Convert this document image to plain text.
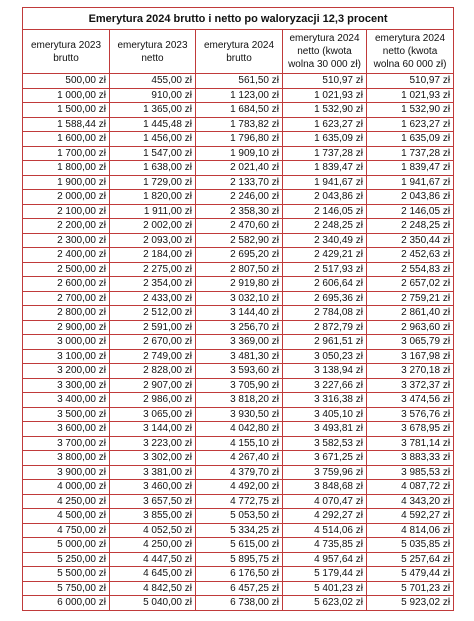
Emerytura 2024 brutto i netto po waloryzacji 12,3 procent				
emerytura 2023 brutto	emerytura 2023 netto	emerytura 2024 brutto	emerytura 2024 netto (kwota wolna 30 000 zł)	emerytura 2024 netto (kwota wolna 60 000 zł)
500,00 zł	455,00 zł	561,50 zł	510,97 zł	510,97 zł
1 000,00 zł	910,00 zł	1 123,00 zł	1 021,93 zł	1 021,93 zł
1 500,00 zł	1 365,00 zł	1 684,50 zł	1 532,90 zł	1 532,90 zł
1 588,44 zł	1 445,48 zł	1 783,82 zł	1 623,27 zł	1 623,27 zł
1 600,00 zł	1 456,00 zł	1 796,80 zł	1 635,09 zł	1 635,09 zł
1 700,00 zł	1 547,00 zł	1 909,10 zł	1 737,28 zł	1 737,28 zł
1 800,00 zł	1 638,00 zł	2 021,40 zł	1 839,47 zł	1 839,47 zł
1 900,00 zł	1 729,00 zł	2 133,70 zł	1 941,67 zł	1 941,67 zł
2 000,00 zł	1 820,00 zł	2 246,00 zł	2 043,86 zł	2 043,86 zł
2 100,00 zł	1 911,00 zł	2 358,30 zł	2 146,05 zł	2 146,05 zł
2 200,00 zł	2 002,00 zł	2 470,60 zł	2 248,25 zł	2 248,25 zł
2 300,00 zł	2 093,00 zł	2 582,90 zł	2 340,49 zł	2 350,44 zł
2 400,00 zł	2 184,00 zł	2 695,20 zł	2 429,21 zł	2 452,63 zł
2 500,00 zł	2 275,00 zł	2 807,50 zł	2 517,93 zł	2 554,83 zł
2 600,00 zł	2 354,00 zł	2 919,80 zł	2 606,64 zł	2 657,02 zł
2 700,00 zł	2 433,00 zł	3 032,10 zł	2 695,36 zł	2 759,21 zł
2 800,00 zł	2 512,00 zł	3 144,40 zł	2 784,08 zł	2 861,40 zł
2 900,00 zł	2 591,00 zł	3 256,70 zł	2 872,79 zł	2 963,60 zł
3 000,00 zł	2 670,00 zł	3 369,00 zł	2 961,51 zł	3 065,79 zł
3 100,00 zł	2 749,00 zł	3 481,30 zł	3 050,23 zł	3 167,98 zł
3 200,00 zł	2 828,00 zł	3 593,60 zł	3 138,94 zł	3 270,18 zł
3 300,00 zł	2 907,00 zł	3 705,90 zł	3 227,66 zł	3 372,37 zł
3 400,00 zł	2 986,00 zł	3 818,20 zł	3 316,38 zł	3 474,56 zł
3 500,00 zł	3 065,00 zł	3 930,50 zł	3 405,10 zł	3 576,76 zł
3 600,00 zł	3 144,00 zł	4 042,80 zł	3 493,81 zł	3 678,95 zł
3 700,00 zł	3 223,00 zł	4 155,10 zł	3 582,53 zł	3 781,14 zł
3 800,00 zł	3 302,00 zł	4 267,40 zł	3 671,25 zł	3 883,33 zł
3 900,00 zł	3 381,00 zł	4 379,70 zł	3 759,96 zł	3 985,53 zł
4 000,00 zł	3 460,00 zł	4 492,00 zł	3 848,68 zł	4 087,72 zł
4 250,00 zł	3 657,50 zł	4 772,75 zł	4 070,47 zł	4 343,20 zł
4 500,00 zł	3 855,00 zł	5 053,50 zł	4 292,27 zł	4 592,27 zł
4 750,00 zł	4 052,50 zł	5 334,25 zł	4 514,06 zł	4 814,06 zł
5 000,00 zł	4 250,00 zł	5 615,00 zł	4 735,85 zł	5 035,85 zł
5 250,00 zł	4 447,50 zł	5 895,75 zł	4 957,64 zł	5 257,64 zł
5 500,00 zł	4 645,00 zł	6 176,50 zł	5 179,44 zł	5 479,44 zł
5 750,00 zł	4 842,50 zł	6 457,25 zł	5 401,23 zł	5 701,23 zł
6 000,00 zł	5 040,00 zł	6 738,00 zł	5 623,02 zł	5 923,02 zł
